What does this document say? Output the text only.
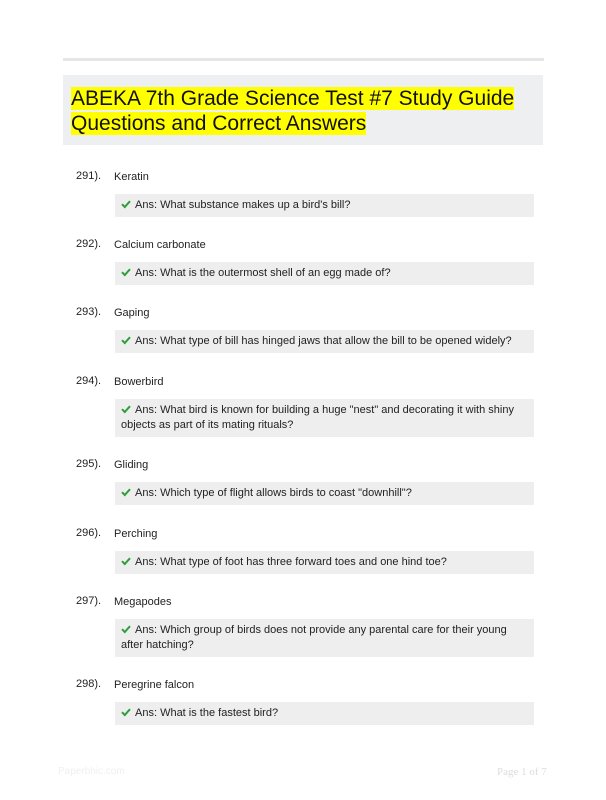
ABEKA 7th Grade Science Test #7 Study Guide Questions and Correct Answers
291). Keratin
Ans: What substance makes up a bird's bill?
292). Calcium carbonate
Ans: What is the outermost shell of an egg made of?
293). Gaping
Ans: What type of bill has hinged jaws that allow the bill to be opened widely?
294). Bowerbird
Ans: What bird is known for building a huge "nest" and decorating it with shiny objects as part of its mating rituals?
295). Gliding
Ans: Which type of flight allows birds to coast "downhill"?
296). Perching
Ans: What type of foot has three forward toes and one hind toe?
297). Megapodes
Ans: Which group of birds does not provide any parental care for their young after hatching?
298). Peregrine falcon
Ans: What is the fastest bird?
Paperbhic.com	Page 1 of 7
